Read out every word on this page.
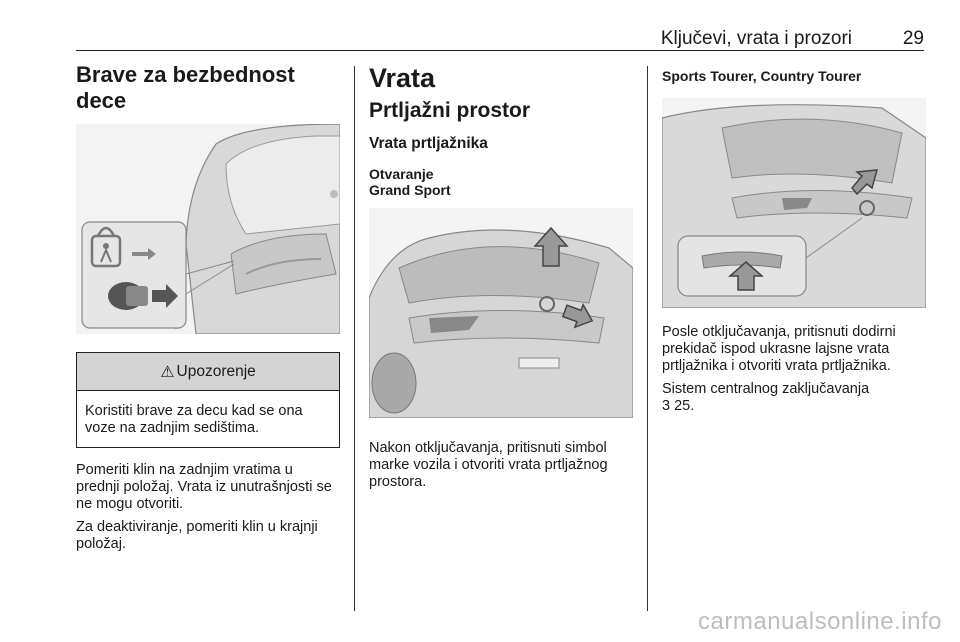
Ključevi, vrata i prozori	29
Brave za bezbednost dece
⚠ Upozorenje
Koristiti brave za decu kad se ona voze na zadnjim sedištima.

Pomeriti klin na zadnjim vratima u prednji položaj. Vrata iz unutrašnjosti se ne mogu otvoriti.

Za deaktiviranje, pomeriti klin u krajnji položaj.

Vrata
Prtljažni prostor
Vrata prtljažnika
Otvaranje
Grand Sport

Nakon otključavanja, pritisnuti simbol marke vozila i otvoriti vrata prtljažnog prostora.

Sports Tourer, Country Tourer

Posle otključavanja, pritisnuti dodirni prekidač ispod ukrasne lajsne vrata prtljažnika i otvoriti vrata prtljažnika.

Sistem centralnog zaključavanja
3 25.

carmanualsonline.info
